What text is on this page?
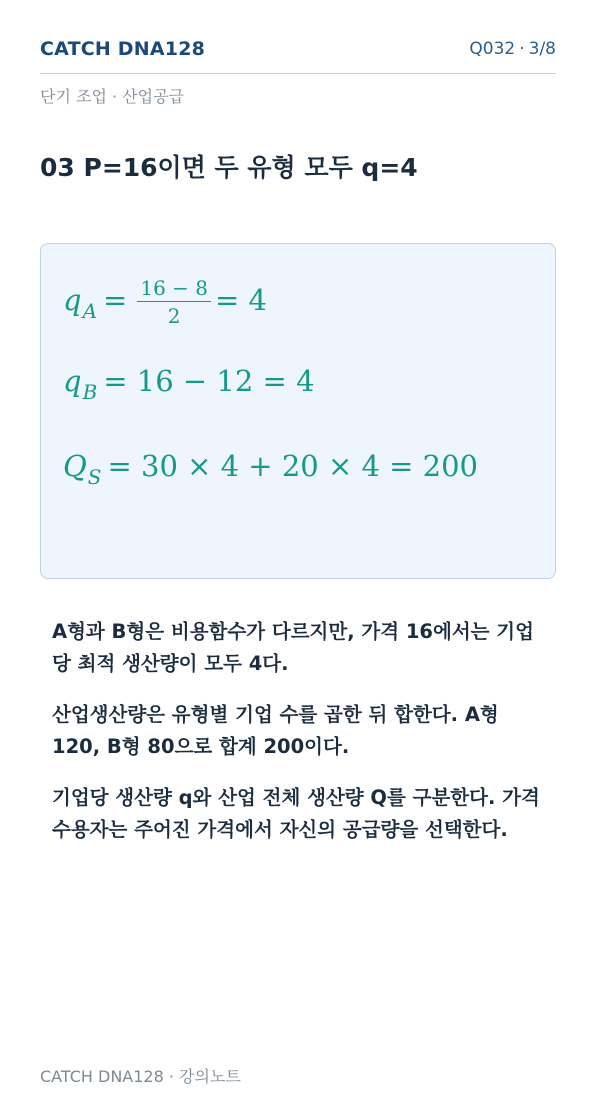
CATCH DNA128	Q032 · 3/8
단기 조업 · 산업공급
03 P=16이면 두 유형 모두 q=4
$q_A = \frac{16 - 8}{2} = 4$
$q_B = 16 - 12 = 4$
$Q_S = 30 \times 4 + 20 \times 4 = 200$

A형과 B형은 비용함수가 다르지만, 가격 16에서는 기업당 최적 생산량이 모두 4다.

산업생산량은 유형별 기업 수를 곱한 뒤 합한다. A형 120, B형 80으로 합계 200이다.

기업당 생산량 q와 산업 전체 생산량 Q를 구분한다. 가격수용자는 주어진 가격에서 자신의 공급량을 선택한다.

CATCH DNA128 · 강의노트
